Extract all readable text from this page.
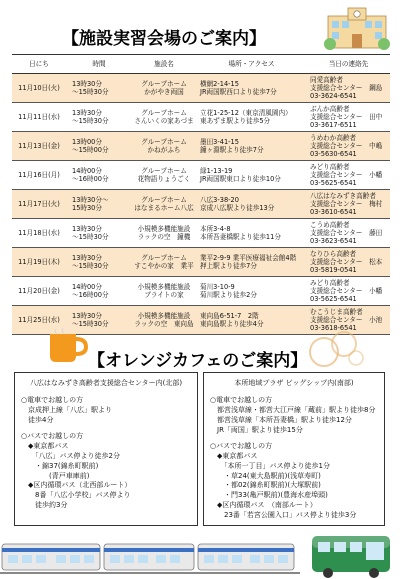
【施設実習会場のご案内】
日にち	時間	施設名	場所・アクセス	当日の連絡先
11月10日(火)	13時30分
～15時30分	グループホーム
かがやき両国	横網2-14-15
JR両国駅西口より徒歩7分	同愛高齢者
支援総合センター　鋼島
03-3624-6541

11月11日(水)	13時30分
～15時30分	グループホーム
さんいくの家あづま	立花1-25-12（東京清風園内）
東あずま駅より徒歩5分	ぶんか高齢者
支援総合センター　田中
03-3617-6511

11月13日(金)	13時00分
～15時00分	グループホーム
かねがふち	墨田3-41-15
鐘ヶ淵駅より徒歩7分	うめわか高齢者
支援総合センター　中嶋
03-5630-6541

11月16日(月)	14時00分
～16時00分	グループホーム
花物語りょうごく	緑1-13-19
JR両国駅東口より徒歩10分	みどり高齢者
支援総合センター　小幡
03-5625-6541

11月17日(火)	13時30分～
15時30分	グループホーム
はなまるホーム八広	八広3-38-20
京成八広駅より徒歩13分	八広はなみずき高齢者
支援総合センター　梅村
03-3610-6541

11月18日(水)	13時30分
～15時30分	小規模多機能施設
ラックの空　鐘機	本所3-4-8
本所吾妻橋駅より徒歩11分	こうめ高齢者
支援総合センター　藤田
03-3623-6541

11月19日(木)	13時30分
～15時30分	グループホーム
すこやかの家　業平	業平2-9-9 業平医療福祉会館4階
押上駅より徒歩7分	なりひら高齢者
支援総合センター　松本
03-5819-0541

11月20日(金)	14時00分
～16時00分	小規模多機能施設
ブライトの家	菊川3-10-9
菊川駅より徒歩2分	みどり高齢者
支援総合センター　小幡
03-5625-6541

11月25日(水)	13時30分
～15時30分	小規模多機能施設
ラックの空　東向島	東向島6-51-7　2階
東向島駅より徒歩4分	むこうじま高齢者
支援総合センター　小池
03-3618-6541
【オレンジカフェのご案内】
八広はなみずき高齢者支援総合センター内(北部)
○電車でお越しの方
　京成押上線「八広」駅より
　徒歩4分
○バスでお越しの方
　◆東京都バス
　　「八広」バス停より徒歩2分
　　・錦37(錦糸町駅前)
　　　　(青戸車庫前)
　◆区内循環バス（北西部ルート）
　　8番「八広小学校」バス停より
　　徒歩約3分
本所地域プラザ ビッグシップ内(南部)
○電車でお越しの方
　都営浅草線・都営大江戸線「蔵前」駅より徒歩8分
　都営浅草線「本所吾妻橋」駅より徒歩12分
　JR「両国」駅より徒歩15分
○バスでお越しの方
　◆東京都バス
　　「本所一丁目」バス停より徒歩1分
　　・草24(東大島駅前)(浅草寿町)
　　・都02(錦糸町駅前)(大塚駅前)
　　・門33(亀戸駅前)(豊海水産埠頭)
　◆区内循環バス　（南部ルート）
　　23番「若宮公園入口」バス停より徒歩3分
